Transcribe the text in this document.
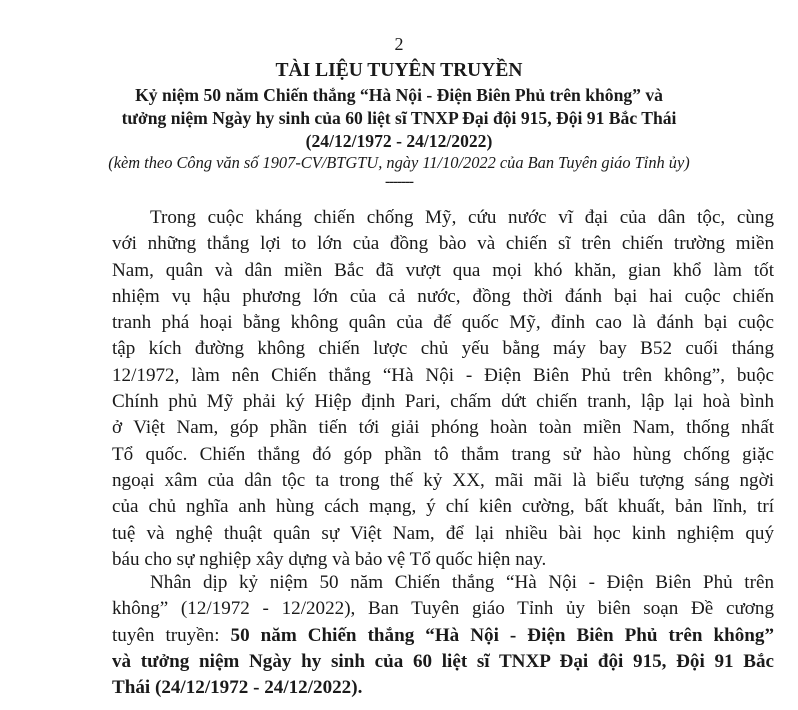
2
TÀI LIỆU TUYÊN TRUYỀN
Kỷ niệm 50 năm Chiến thắng “Hà Nội - Điện Biên Phủ trên không” và
tưởng niệm Ngày hy sinh của 60 liệt sĩ TNXP Đại đội 915, Đội 91 Bắc Thái
(24/12/1972 - 24/12/2022)
(kèm theo Công văn số 1907-CV/BTGTU, ngày 11/10/2022 của Ban Tuyên giáo Tỉnh ủy)
-------
Trong cuộc kháng chiến chống Mỹ, cứu nước vĩ đại của dân tộc, cùng
với những thắng lợi to lớn của đồng bào và chiến sĩ trên chiến trường miền
Nam, quân và dân miền Bắc đã vượt qua mọi khó khăn, gian khổ làm tốt
nhiệm vụ hậu phương lớn của cả nước, đồng thời đánh bại hai cuộc chiến
tranh phá hoại bằng không quân của đế quốc Mỹ, đỉnh cao là đánh bại cuộc
tập kích đường không chiến lược chủ yếu bằng máy bay B52 cuối tháng
12/1972, làm nên Chiến thắng “Hà Nội - Điện Biên Phủ trên không”, buộc
Chính phủ Mỹ phải ký Hiệp định Pari, chấm dứt chiến tranh, lập lại hoà bình
ở Việt Nam, góp phần tiến tới giải phóng hoàn toàn miền Nam, thống nhất
Tổ quốc. Chiến thắng đó góp phần tô thắm trang sử hào hùng chống giặc
ngoại xâm của dân tộc ta trong thế kỷ XX, mãi mãi là biểu tượng sáng ngời
của chủ nghĩa anh hùng cách mạng, ý chí kiên cường, bất khuất, bản lĩnh, trí
tuệ và nghệ thuật quân sự Việt Nam, để lại nhiều bài học kinh nghiệm quý
báu cho sự nghiệp xây dựng và bảo vệ Tổ quốc hiện nay.
Nhân dịp kỷ niệm 50 năm Chiến thắng “Hà Nội - Điện Biên Phủ trên
không” (12/1972 - 12/2022), Ban Tuyên giáo Tỉnh ủy biên soạn Đề cương
tuyên truyền: 50 năm Chiến thắng “Hà Nội - Điện Biên Phủ trên không”
và tưởng niệm Ngày hy sinh của 60 liệt sĩ TNXP Đại đội 915, Đội 91 Bắc
Thái (24/12/1972 - 24/12/2022).
